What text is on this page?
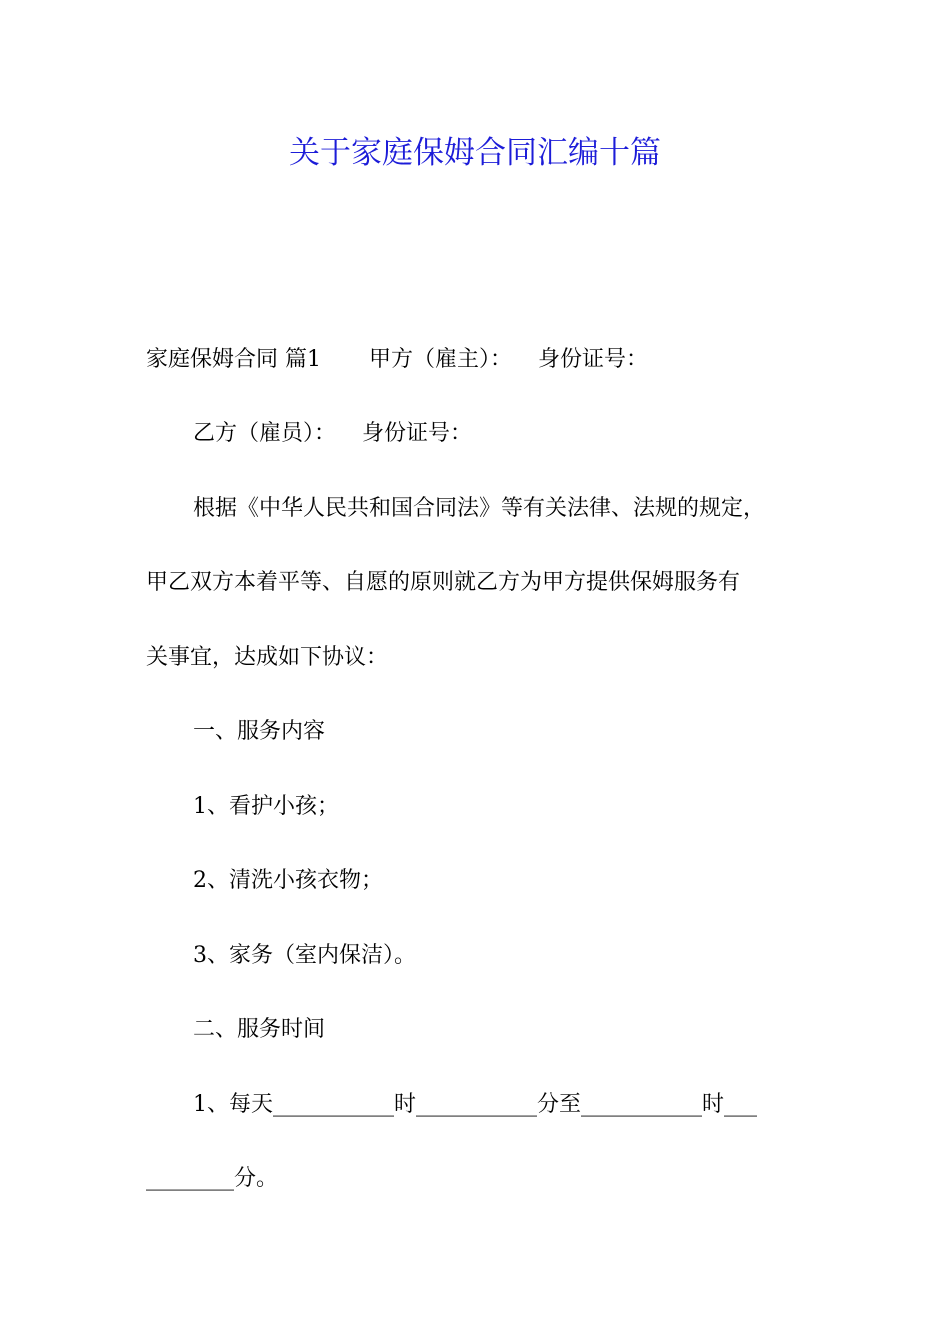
关于家庭保姆合同汇编十篇
家庭保姆合同 篇1 甲方（雇主）： 身份证号：
乙方（雇员）： 身份证号：
根据《中华人民共和国合同法》等有关法律、法规的规定，
甲乙双方本着平等、自愿的原则就乙方为甲方提供保姆服务有
关事宜，达成如下协议：
一、服务内容
1、看护小孩；
2、清洗小孩衣物；
3、家务（室内保洁）。
二、服务时间
1、每天___________时___________分至___________时___
________分。
